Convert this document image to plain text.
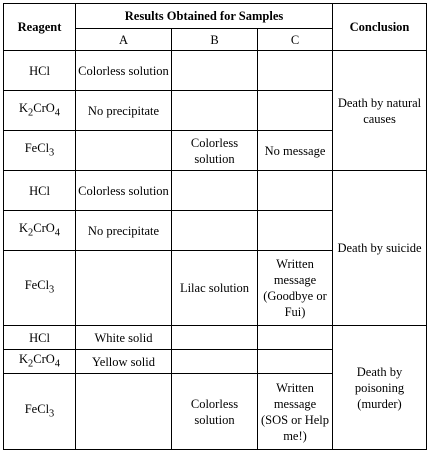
Reagent	Results Obtained for Samples			Conclusion
	A	B	C	
HCl	Colorless solution			Death by natural causes
$K_2CrO_4$	No precipitate			
FeCl$_3$		Colorless solution	No message	
HCl	Colorless solution			Death by suicide
$K_2CrO_4$	No precipitate			
FeCl$_3$		Lilac solution	Written message (Goodbye or Fui)	
HCl	White solid			Death by poisoning (murder)
$K_2CrO_4$	Yellow solid			
FeCl$_3$		Colorless solution	Written message (SOS or Help me!)	
